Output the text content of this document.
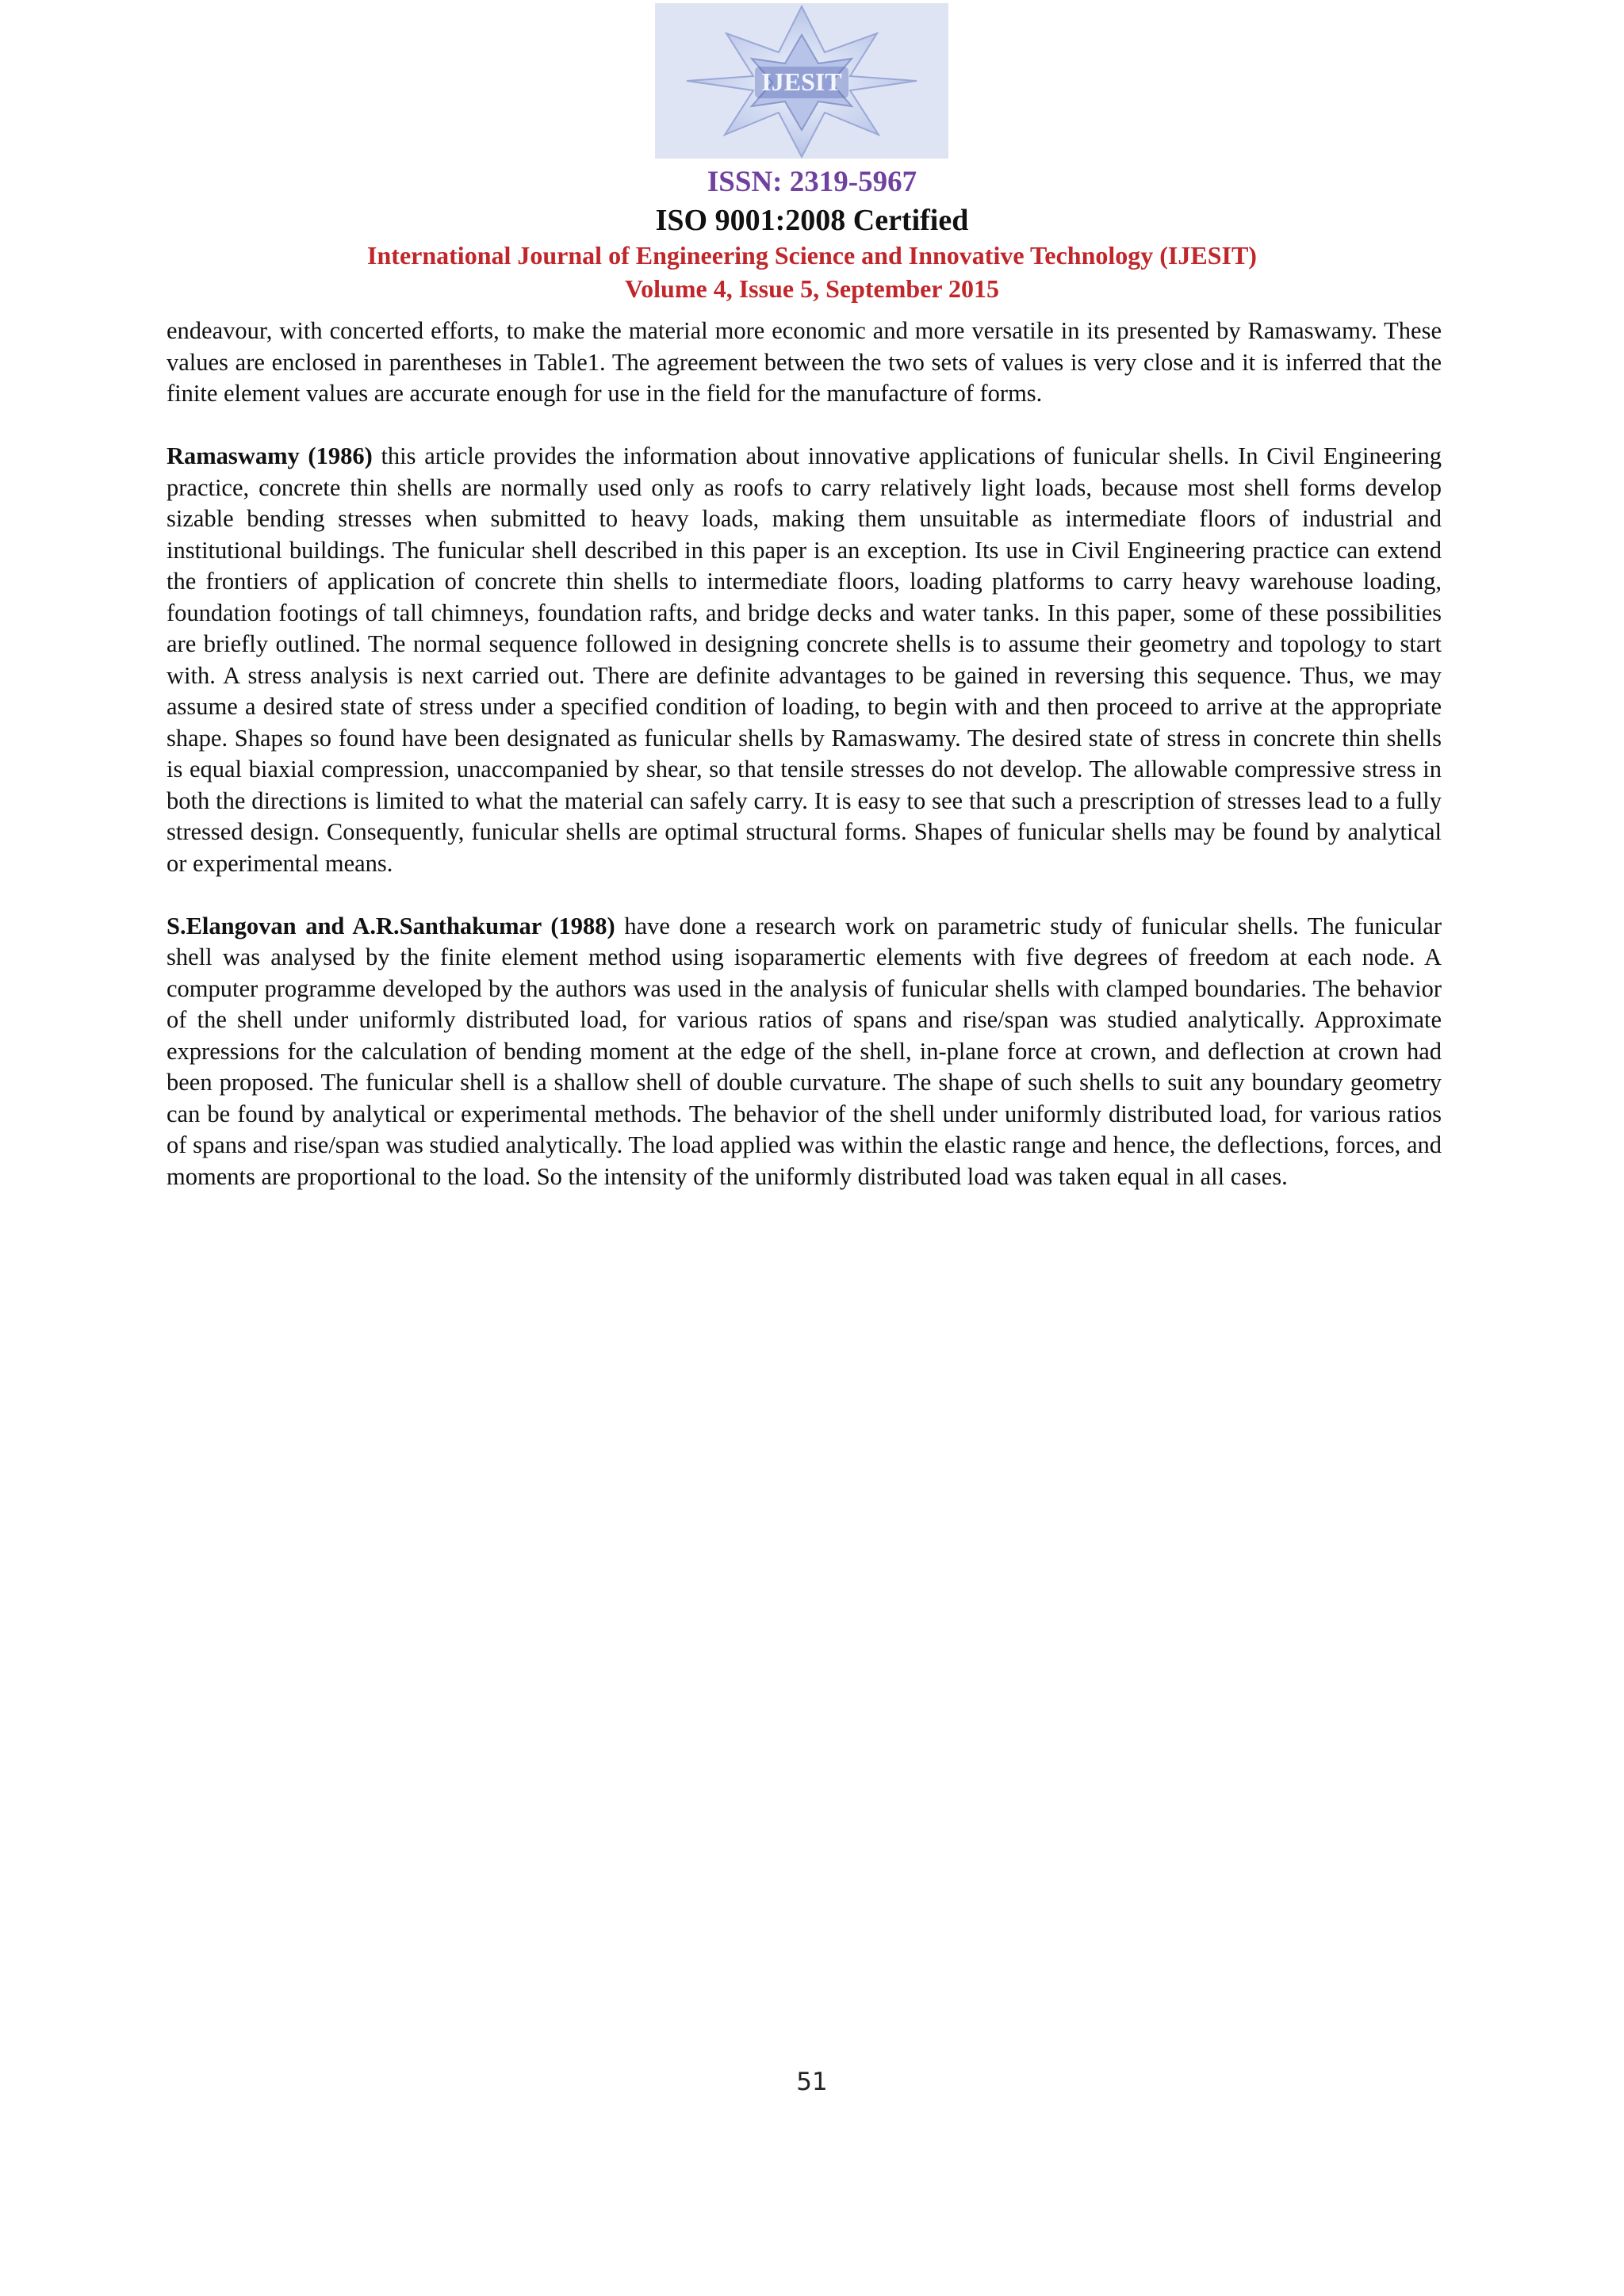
IJESIT
ISSN: 2319-5967
ISO 9001:2008 Certified
International Journal of Engineering Science and Innovative Technology (IJESIT)
Volume 4, Issue 5, September 2015

endeavour, with concerted efforts, to make the material more economic and more versatile in its presented by Ramaswamy. These values are enclosed in parentheses in Table1. The agreement between the two sets of values is very close and it is inferred that the finite element values are accurate enough for use in the field for the manufacture of forms.

Ramaswamy (1986) this article provides the information about innovative applications of funicular shells. In Civil Engineering practice, concrete thin shells are normally used only as roofs to carry relatively light loads, because most shell forms develop sizable bending stresses when submitted to heavy loads, making them unsuitable as intermediate floors of industrial and institutional buildings. The funicular shell described in this paper is an exception. Its use in Civil Engineering practice can extend the frontiers of application of concrete thin shells to intermediate floors, loading platforms to carry heavy warehouse loading, foundation footings of tall chimneys, foundation rafts, and bridge decks and water tanks. In this paper, some of these possibilities are briefly outlined. The normal sequence followed in designing concrete shells is to assume their geometry and topology to start with. A stress analysis is next carried out. There are definite advantages to be gained in reversing this sequence. Thus, we may assume a desired state of stress under a specified condition of loading, to begin with and then proceed to arrive at the appropriate shape. Shapes so found have been designated as funicular shells by Ramaswamy. The desired state of stress in concrete thin shells is equal biaxial compression, unaccompanied by shear, so that tensile stresses do not develop. The allowable compressive stress in both the directions is limited to what the material can safely carry. It is easy to see that such a prescription of stresses lead to a fully stressed design. Consequently, funicular shells are optimal structural forms. Shapes of funicular shells may be found by analytical or experimental means.

S.Elangovan and A.R.Santhakumar (1988) have done a research work on parametric study of funicular shells. The funicular shell was analysed by the finite element method using isoparamertic elements with five degrees of freedom at each node. A computer programme developed by the authors was used in the analysis of funicular shells with clamped boundaries. The behavior of the shell under uniformly distributed load, for various ratios of spans and rise/span was studied analytically. Approximate expressions for the calculation of bending moment at the edge of the shell, in-plane force at crown, and deflection at crown had been proposed. The funicular shell is a shallow shell of double curvature. The shape of such shells to suit any boundary geometry can be found by analytical or experimental methods. The behavior of the shell under uniformly distributed load, for various ratios of spans and rise/span was studied analytically. The load applied was within the elastic range and hence, the deflections, forces, and moments are proportional to the load. So the intensity of the uniformly distributed load was taken equal in all cases.

51
